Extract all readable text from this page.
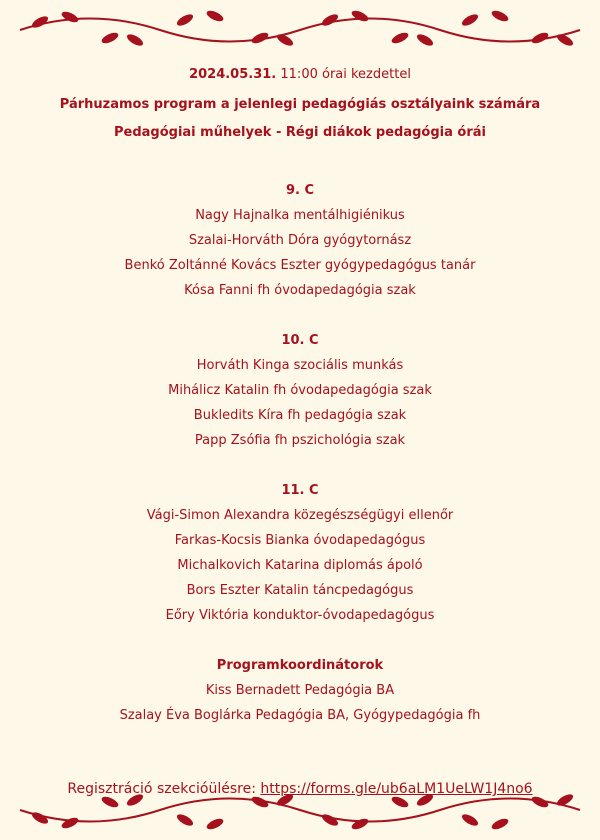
2024.05.31. 11:00 órai kezdettel
Párhuzamos program a jelenlegi pedagógiás osztályaink számára
Pedagógiai műhelyek - Régi diákok pedagógia órái
9. C
Nagy Hajnalka mentálhigiénikus
Szalai-Horváth Dóra gyógytornász
Benkó Zoltánné Kovács Eszter gyógypedagógus tanár
Kósa Fanni fh óvodapedagógia szak
10. C
Horváth Kinga szociális munkás
Mihálicz Katalin fh óvodapedagógia szak
Bukledits Kíra fh pedagógia szak
Papp Zsófia fh pszichológia szak
11. C
Vági-Simon Alexandra közegészségügyi ellenőr
Farkas-Kocsis Bianka óvodapedagógus
Michalkovich Katarina diplomás ápoló
Bors Eszter Katalin táncpedagógus
Eőry Viktória konduktor-óvodapedagógus
Programkoordinátorok
Kiss Bernadett Pedagógia BA
Szalay Éva Boglárka Pedagógia BA, Gyógypedagógia fh
Regisztráció szekcióülésre: https://forms.gle/ub6aLM1UeLW1J4no6
